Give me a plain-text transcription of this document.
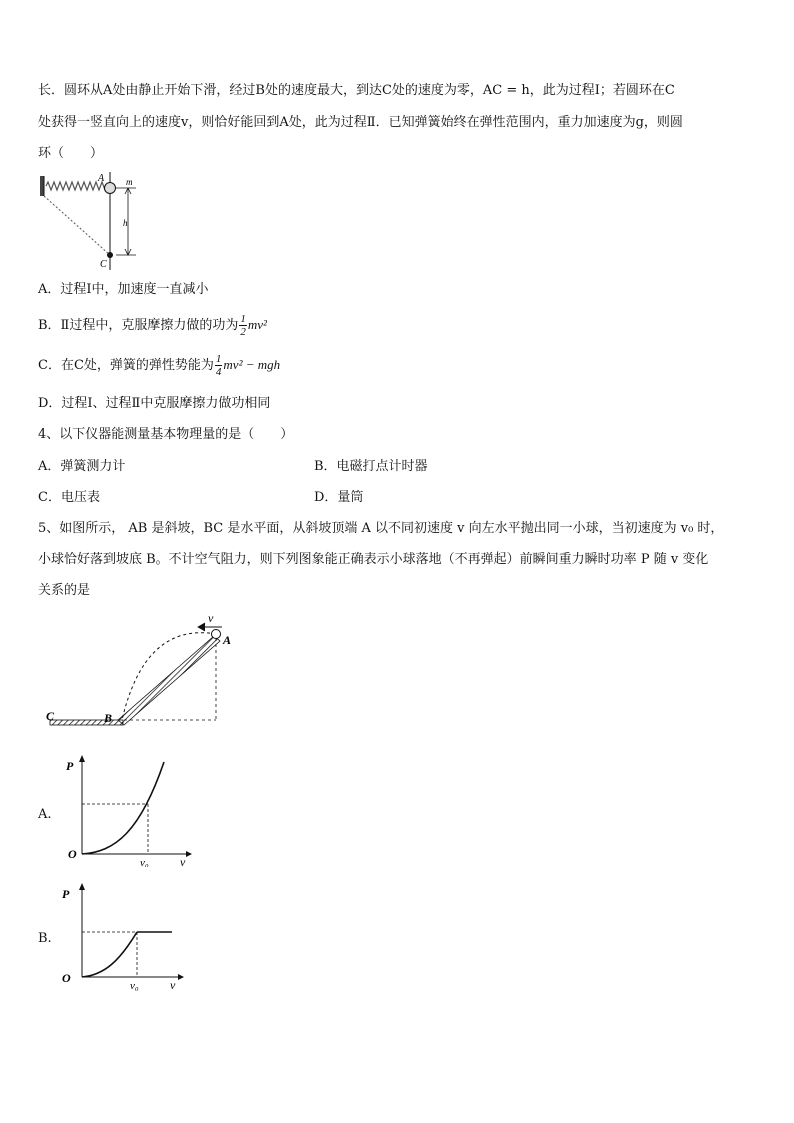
长．圆环从A处由静止开始下滑，经过B处的速度最大，到达C处的速度为零，AC = h，此为过程Ⅰ；若圆环在C
处获得一竖直向上的速度v，则恰好能回到A处，此为过程Ⅱ．已知弹簧始终在弹性范围内，重力加速度为g，则圆
环（　　）
A m
h
C
A．过程Ⅰ中，加速度一直减小
B．Ⅱ过程中，克服摩擦力做的功为 $\frac{1}{2} mv^2$
C．在C处，弹簧的弹性势能为 $\frac{1}{4} mv^2$ − mgh
D．过程Ⅰ、过程Ⅱ中克服摩擦力做功相同
4、以下仪器能测量基本物理量的是（　　）
A．弹簧测力计	B．电磁打点计时器
C．电压表	D．量筒
5、如图所示， AB 是斜坡，BC 是水平面，从斜坡顶端 A 以不同初速度 v 向左水平抛出同一小球，当初速度为 v₀ 时，
小球恰好落到坡底 B。不计空气阻力，则下列图象能正确表示小球落地（不再弹起）前瞬间重力瞬时功率 P 随 v 变化
关系的是
v
A
B
C
A.
P
O
v₀	v
B.
P
O
v₀	v
